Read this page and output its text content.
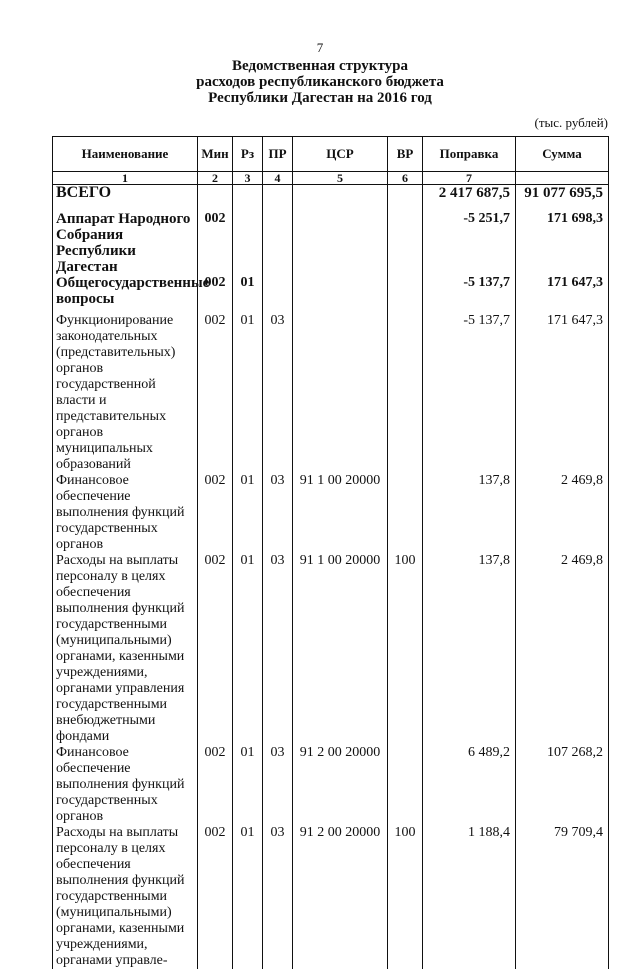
7
Ведомственная структура
расходов республиканского бюджета
Республики Дагестан на 2016 год
(тыс. рублей)
Наименование	Мин	Рз	ПР	ЦСР	ВР	Поправка	Сумма
1	2	3	4	5	6	7	
ВСЕГО						2 417 687,5	91 077 695,5
Аппарат Народного Собрания Республики Дагестан	002					-5 251,7	171 698,3
Общегосударственные вопросы	002	01				-5 137,7	171 647,3
Функционирование законодательных (представительных) органов государственной власти и представительных органов муниципальных образований	002	01	03			-5 137,7	171 647,3
Финансовое обеспечение выполнения функций государственных органов	002	01	03	91 1 00 20000		137,8	2 469,8
Расходы на выплаты персоналу в целях обеспечения выполнения функций государственными (муниципальными) органами, казенными учреждениями, органами управления государственными внебюджетными фондами	002	01	03	91 1 00 20000	100	137,8	2 469,8
Финансовое обеспечение выполнения функций государственных органов	002	01	03	91 2 00 20000		6 489,2	107 268,2
Расходы на выплаты персоналу в целях обеспечения выполнения функций государственными (муниципальными) органами, казенными учреждениями, органами управле-	002	01	03	91 2 00 20000	100	1 188,4	79 709,4
